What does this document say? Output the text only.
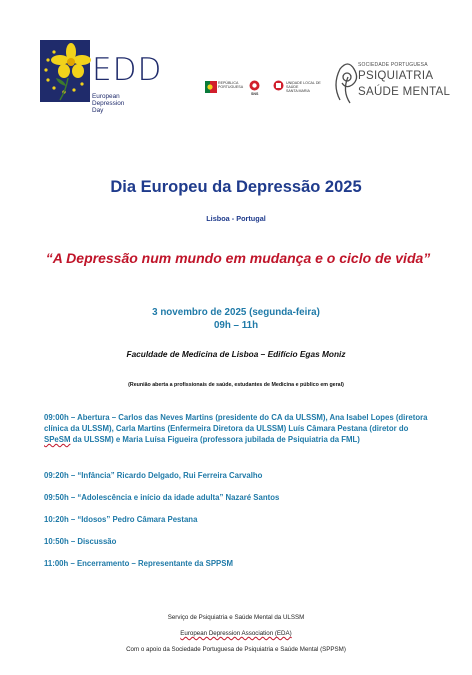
EDD
European
Depression
Day
REPÚBLICA
PORTUGUESA
SNS
UNIDADE LOCAL DE SAÚDE
SANTA MARIA
SOCIEDADE PORTUGUESA
PSIQUIATRIA
SAÚDE MENTAL
Dia Europeu da Depressão 2025
Lisboa - Portugal
“A Depressão num mundo em mudança e o ciclo de vida”
3 novembro de 2025 (segunda-feira)
09h – 11h
Faculdade de Medicina de Lisboa – Edifício Egas Moniz
(Reunião aberta a profissionais de saúde, estudantes de Medicina e público em geral)
09:00h – Abertura – Carlos das Neves Martins (presidente do CA da ULSSM), Ana Isabel Lopes (diretora clínica da ULSSM), Carla Martins (Enfermeira Diretora da ULSSM) Luís Câmara Pestana (diretor do SPeSM da ULSSM) e Maria Luísa Figueira (professora jubilada de Psiquiatria da FML)
09:20h – “Infância” Ricardo Delgado, Rui Ferreira Carvalho
09:50h – “Adolescência e início da idade adulta” Nazaré Santos
10:20h – “Idosos” Pedro Câmara Pestana
10:50h – Discussão
11:00h – Encerramento – Representante da SPPSM
Serviço de Psiquiatria e Saúde Mental da ULSSM
European Depression Association (EDA)
Com o apoio da Sociedade Portuguesa de Psiquiatria e Saúde Mental (SPPSM)
